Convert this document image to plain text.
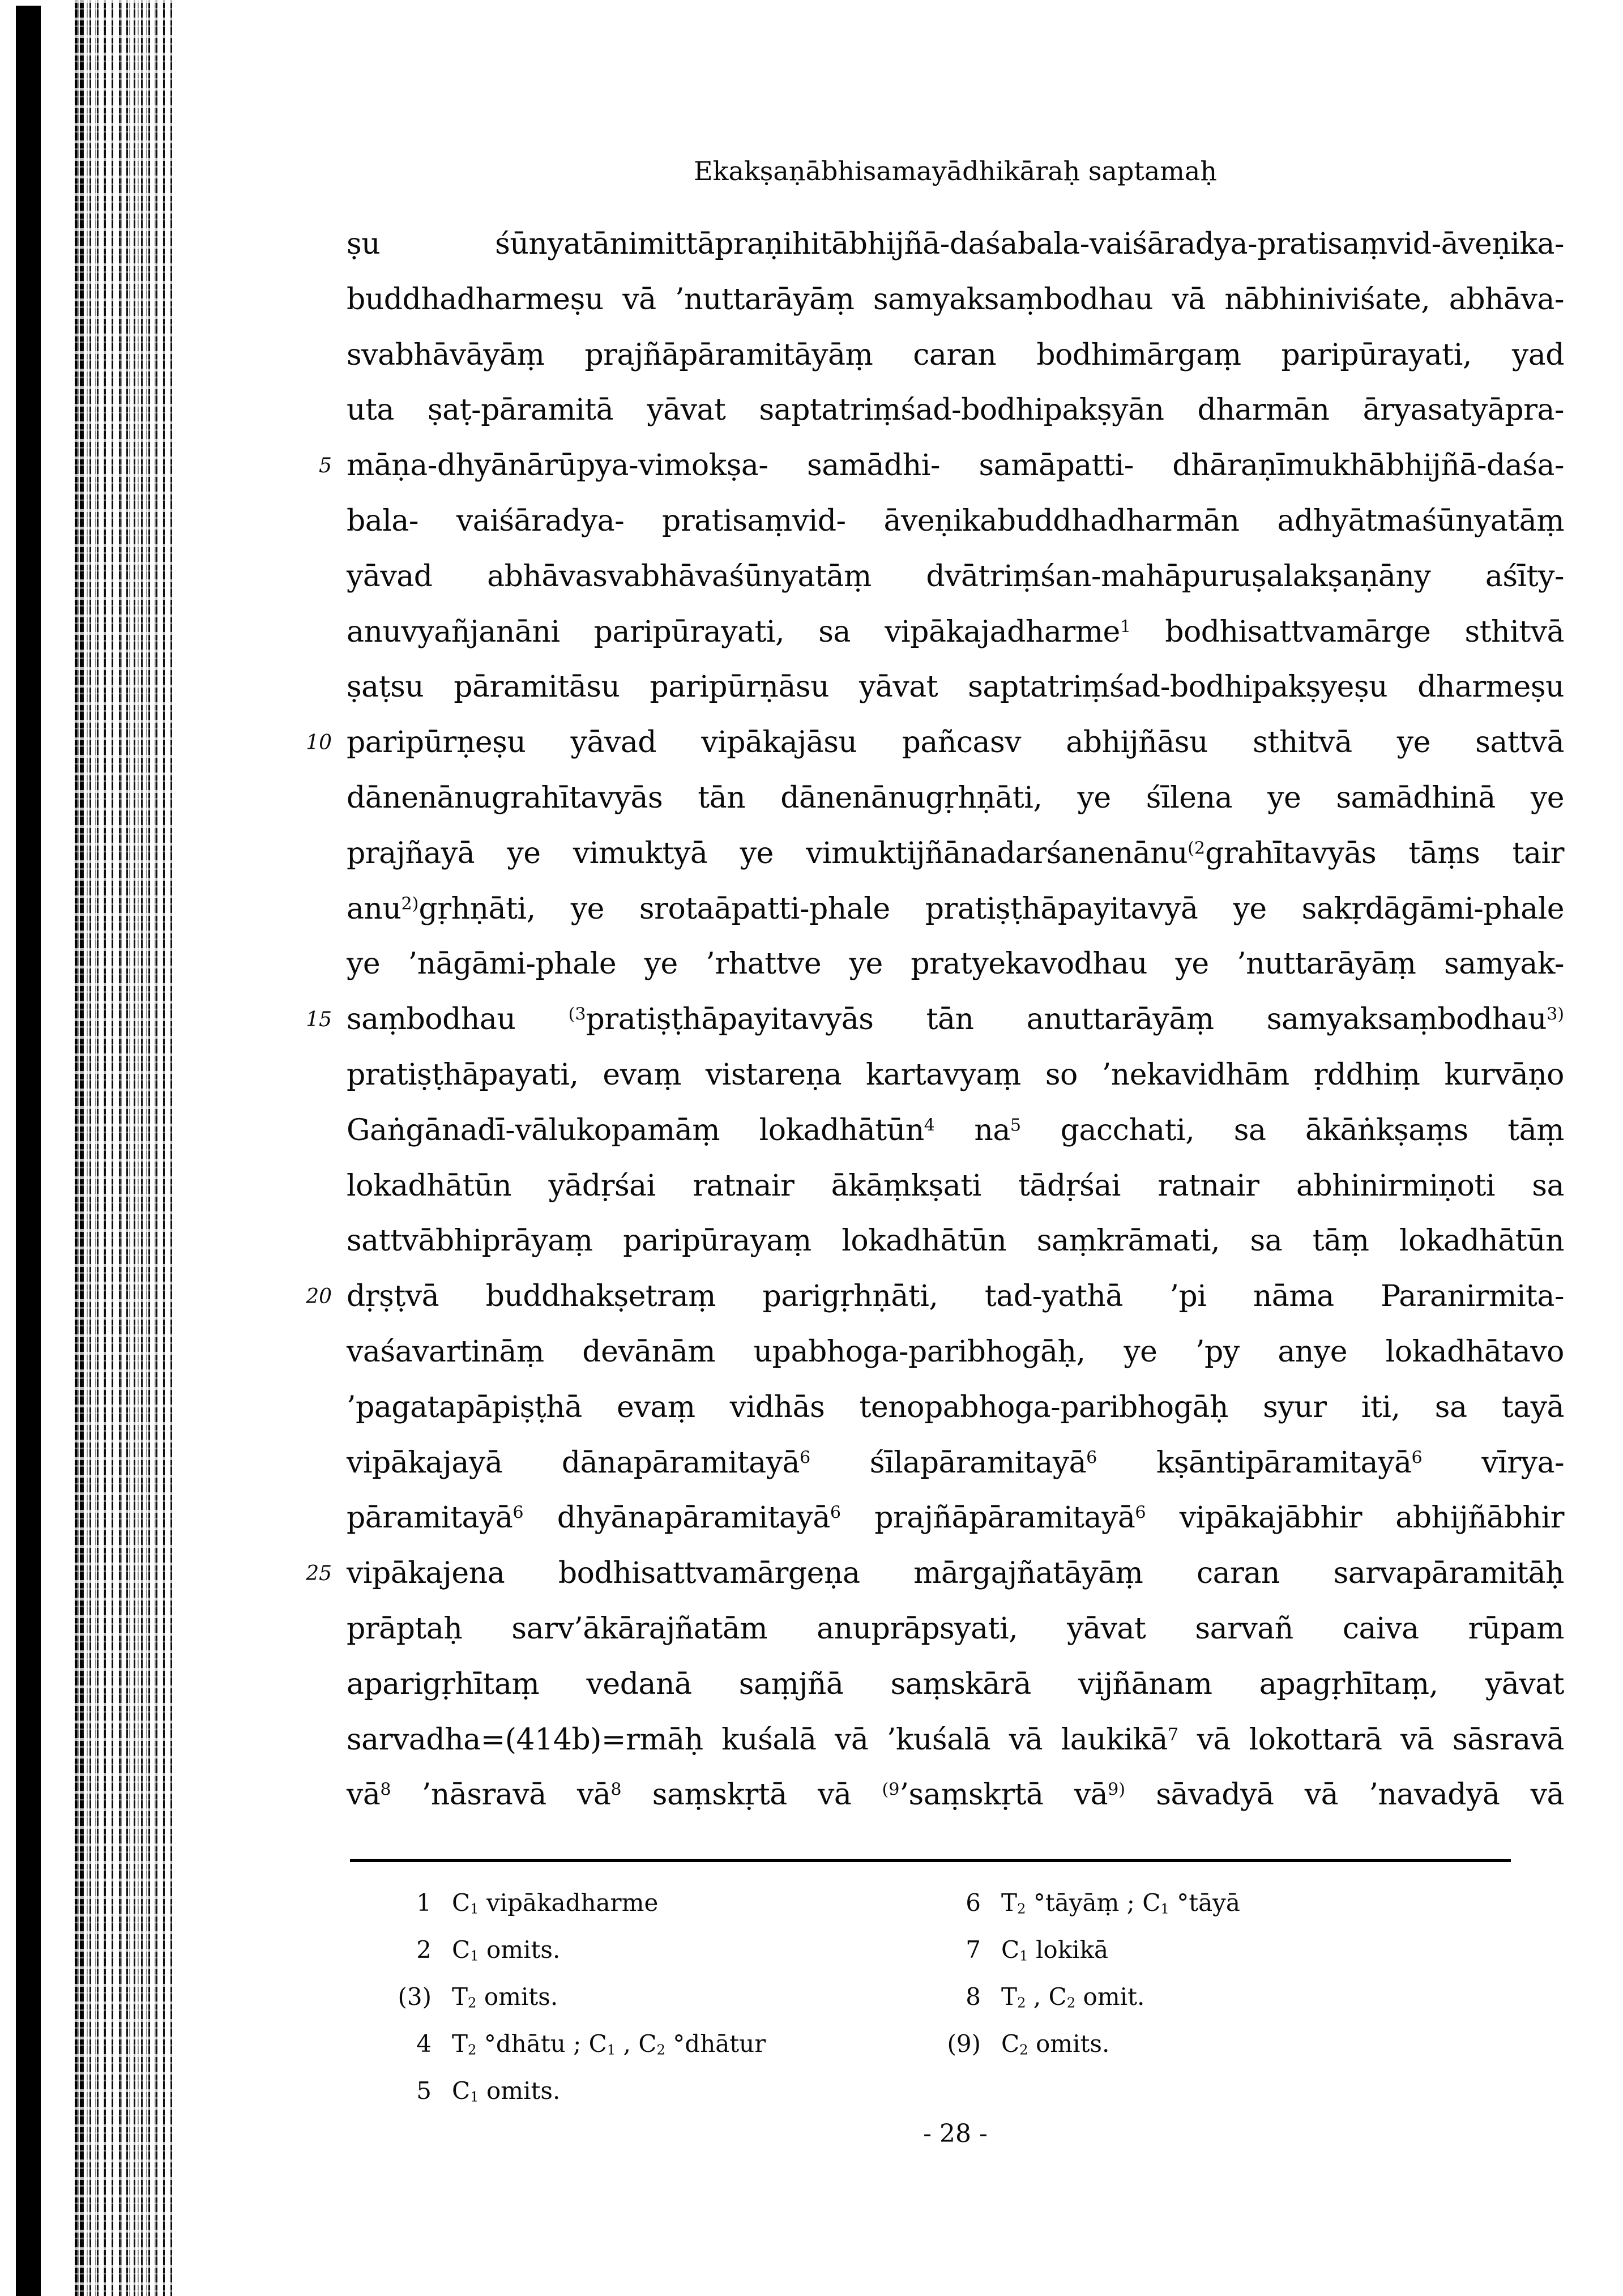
Ekakṣaṇābhisamayādhikāraḥ saptamaḥ
ṣu śūnyatānimittāpraṇihitābhijñā-daśabala-vaiśāradya-pratisaṃvid-āveṇika-
buddhadharmeṣu vā ’nuttarāyāṃ samyaksaṃbodhau vā nābhiniviśate, abhāva-
svabhāvāyāṃ prajñāpāramitāyāṃ caran bodhimārgaṃ paripūrayati, yad
uta ṣaṭ-pāramitā yāvat saptatriṃśad-bodhipakṣyān dharmān āryasatyāpra-
5 māṇa-dhyānārūpya-vimokṣa- samādhi- samāpatti- dhāraṇīmukhābhijñā-daśa-
bala- vaiśāradya- pratisaṃvid- āveṇikabuddhadharmān adhyātmaśūnyatāṃ
yāvad abhāvasvabhāvaśūnyatāṃ dvātriṃśan-mahāpuruṣalakṣaṇāny aśīty-
anuvyañjanāni paripūrayati, sa vipākajadharme$^1$ bodhisattvamārge sthitvā
ṣaṭsu pāramitāsu paripūrṇāsu yāvat saptatriṃśad-bodhipakṣyeṣu dharmeṣu
10 paripūrṇeṣu yāvad vipākajāsu pañcasv abhijñāsu sthitvā ye sattvā
dānenānugrahītavyās tān dānenānugṛhṇāti, ye śīlena ye samādhinā ye
prajñayā ye vimuktyā ye vimuktijñānadarśanenānu$^{(2}$grahītavyās tāṃs tair
anu$^{2)}$gṛhṇāti, ye srotaāpatti-phale pratiṣṭhāpayitavyā ye sakṛdāgāmi-phale
ye ’nāgāmi-phale ye ’rhattve ye pratyekavodhau ye ’nuttarāyāṃ samyak-
15 saṃbodhau $^{(3}$pratiṣṭhāpayitavyās tān anuttarāyāṃ samyaksaṃbodhau$^{3)}$
pratiṣṭhāpayati, evaṃ vistareṇa kartavyaṃ so ’nekavidhām ṛddhiṃ kurvāṇo
Gaṅgānadī-vālukopamāṃ lokadhātūn$^4$ $na^5$ gacchati, sa ākāṅkṣaṃs tāṃ
lokadhātūn yādṛśai ratnair ākāṃkṣati tādṛśai ratnair abhinirmiṇoti sa
sattvābhiprāyaṃ paripūrayaṃ lokadhātūn saṃkrāmati, sa tāṃ lokadhātūn
20 dṛṣṭvā buddhakṣetraṃ parigṛhṇāti, tad-yathā ’pi nāma Paranirmita-
vaśavartināṃ devānām upabhoga-paribhogāḥ, ye ’py anye lokadhātavo
’pagatapāpiṣṭhā evaṃ vidhās tenopabhoga-paribhogāḥ syur iti, sa tayā
vipākajayā dānapāramitayā$^6$ śīlapāramitayā$^6$ kṣāntipāramitayā$^6$ vīrya-
pāramitayā$^6$ dhyānapāramitayā$^6$ prajñāpāramitayā$^6$ vipākajābhir abhijñābhir
25 vipākajena bodhisattvamārgeṇa mārgajñatāyāṃ caran sarvapāramitāḥ
prāptaḥ sarv’ākārajñatām anuprāpsyati, yāvat sarvañ caiva rūpam
aparigṛhītaṃ vedanā saṃjñā saṃskārā vijñānam apagṛhītaṃ, yāvat
sarvadha=(414b)=rmāḥ kuśalā vā ’kuśalā vā laukikā$^7$ vā lokottarā vā sāsravā
$vā^8$ ’nāsravā $vā^8$ saṃskṛtā vā $^{(9}$’saṃskṛtā $vā^{9)}$ sāvadyā vā ’navadyā vā
1 $C_1$ vipākadharme
2 $C_1$ omits.
(3) $T_2$ omits.
4 $T_2$ °dhātu ; $C_1$ , $C_2$ °dhātur
5 $C_1$ omits.
6 $T_2$ °tāyāṃ ; $C_1$ °tāyā
7 $C_1$ lokikā
8 $T_2$ , $C_2$ omit.
(9) $C_2$ omits.
- 28 -
